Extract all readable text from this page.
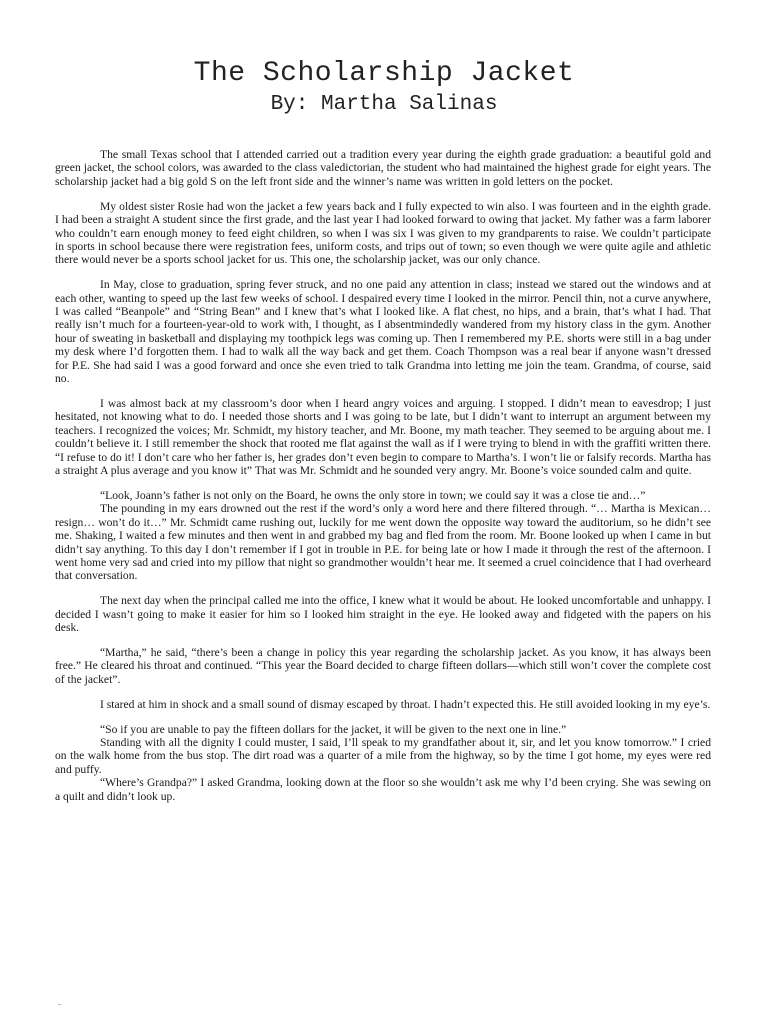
The Scholarship Jacket
By: Martha Salinas

The small Texas school that I attended carried out a tradition every year during the eighth grade graduation: a beautiful gold and green jacket, the school colors, was awarded to the class valedictorian, the student who had maintained the highest grade for eight years. The scholarship jacket had a big gold S on the left front side and the winner’s name was written in gold letters on the pocket.

My oldest sister Rosie had won the jacket a few years back and I fully expected to win also. I was fourteen and in the eighth grade. I had been a straight A student since the first grade, and the last year I had looked forward to owing that jacket. My father was a farm laborer who couldn’t earn enough money to feed eight children, so when I was six I was given to my grandparents to raise. We couldn’t participate in sports in school because there were registration fees, uniform costs, and trips out of town; so even though we were quite agile and athletic there would never be a sports school jacket for us. This one, the scholarship jacket, was our only chance.

In May, close to graduation, spring fever struck, and no one paid any attention in class; instead we stared out the windows and at each other, wanting to speed up the last few weeks of school. I despaired every time I looked in the mirror. Pencil thin, not a curve anywhere, I was called “Beanpole” and “String Bean” and I knew that’s what I looked like. A flat chest, no hips, and a brain, that’s what I had. That really isn’t much for a fourteen-year-old to work with, I thought, as I absentmindedly wandered from my history class in the gym. Another hour of sweating in basketball and displaying my toothpick legs was coming up. Then I remembered my P.E. shorts were still in a bag under my desk where I’d forgotten them. I had to walk all the way back and get them. Coach Thompson was a real bear if anyone wasn’t dressed for P.E. She had said I was a good forward and once she even tried to talk Grandma into letting me join the team. Grandma, of course, said no.

I was almost back at my classroom’s door when I heard angry voices and arguing. I stopped. I didn’t mean to eavesdrop; I just hesitated, not knowing what to do. I needed those shorts and I was going to be late, but I didn’t want to interrupt an argument between my teachers. I recognized the voices; Mr. Schmidt, my history teacher, and Mr. Boone, my math teacher. They seemed to be arguing about me. I couldn’t believe it. I still remember the shock that rooted me flat against the wall as if I were trying to blend in with the graffiti written there. “I refuse to do it! I don’t care who her father is, her grades don’t even begin to compare to Martha’s. I won’t lie or falsify records. Martha has a straight A plus average and you know it” That was Mr. Schmidt and he sounded very angry. Mr. Boone’s voice sounded calm and quite.

“Look, Joann’s father is not only on the Board, he owns the only store in town; we could say it was a close tie and…”

The pounding in my ears drowned out the rest if the word’s only a word here and there filtered through. “… Martha is Mexican… resign… won’t do it…” Mr. Schmidt came rushing out, luckily for me went down the opposite way toward the auditorium, so he didn’t see me. Shaking, I waited a few minutes and then went in and grabbed my bag and fled from the room. Mr. Boone looked up when I came in but didn’t say anything. To this day I don’t remember if I got in trouble in P.E. for being late or how I made it through the rest of the afternoon. I went home very sad and cried into my pillow that night so grandmother wouldn’t hear me. It seemed a cruel coincidence that I had overheard that conversation.

The next day when the principal called me into the office, I knew what it would be about. He looked uncomfortable and unhappy. I decided I wasn’t going to make it easier for him so I looked him straight in the eye. He looked away and fidgeted with the papers on his desk.

“Martha,” he said, “there’s been a change in policy this year regarding the scholarship jacket. As you know, it has always been free.” He cleared his throat and continued. “This year the Board decided to charge fifteen dollars—which still won’t cover the complete cost of the jacket”.

I stared at him in shock and a small sound of dismay escaped by throat. I hadn’t expected this. He still avoided looking in my eye’s.

“So if you are unable to pay the fifteen dollars for the jacket, it will be given to the next one in line.”

Standing with all the dignity I could muster, I said, I’ll speak to my grandfather about it, sir, and let you know tomorrow.” I cried on the walk home from the bus stop. The dirt road was a quarter of a mile from the highway, so by the time I got home, my eyes were red and puffy.

“Where’s Grandpa?” I asked Grandma, looking down at the floor so she wouldn’t ask me why I’d been crying. She was sewing on a quilt and didn’t look up.
